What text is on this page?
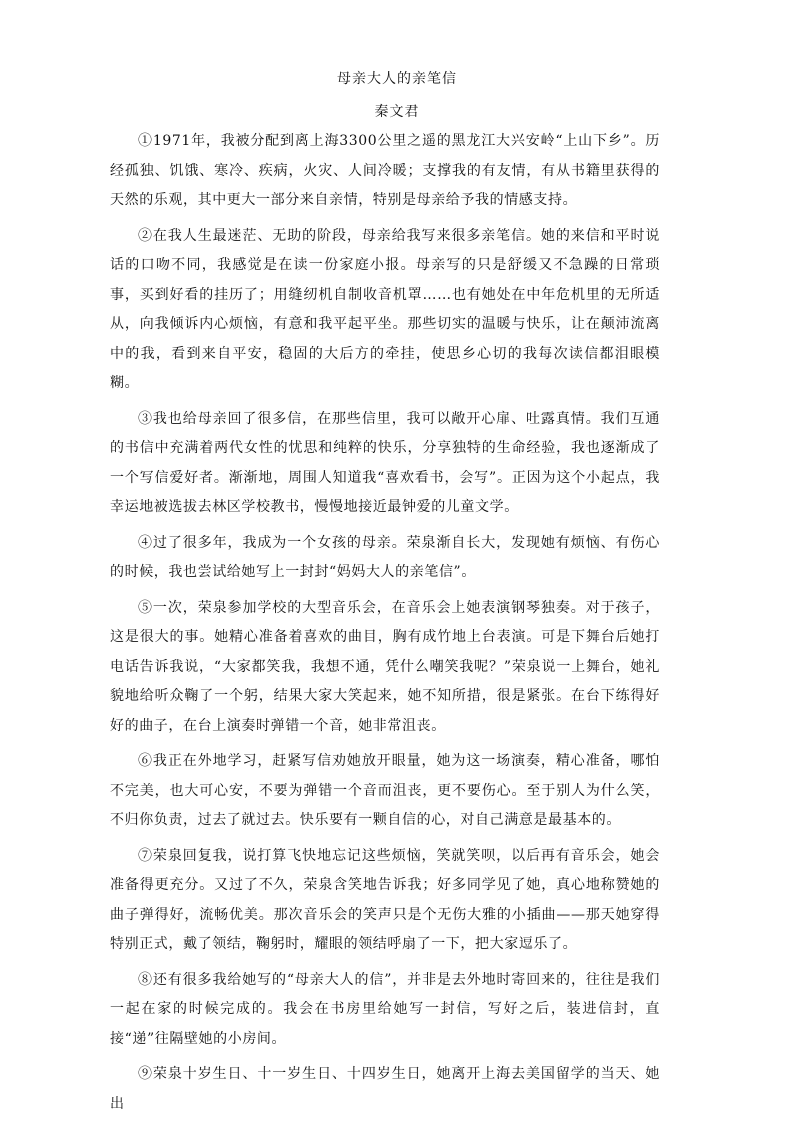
母亲大人的亲笔信
秦文君

①1971年，我被分配到离上海3300公里之遥的黑龙江大兴安岭“上山下乡”。历经孤独、饥饿、寒冷、疾病，火灾、人间冷暖；支撑我的有友情，有从书籍里获得的天然的乐观，其中更大一部分来自亲情，特别是母亲给予我的情感支持。

②在我人生最迷茫、无助的阶段，母亲给我写来很多亲笔信。她的来信和平时说话的口吻不同，我感觉是在读一份家庭小报。母亲写的只是舒缓又不急躁的日常琐事，买到好看的挂历了；用缝纫机自制收音机罩……也有她处在中年危机里的无所适从，向我倾诉内心烦恼，有意和我平起平坐。那些切实的温暖与快乐，让在颠沛流离中的我，看到来自平安，稳固的大后方的牵挂，使思乡心切的我每次读信都泪眼模糊。

③我也给母亲回了很多信，在那些信里，我可以敞开心扉、吐露真情。我们互通的书信中充满着两代女性的忧思和纯粹的快乐，分享独特的生命经验，我也逐渐成了一个写信爱好者。渐渐地，周围人知道我“喜欢看书，会写”。正因为这个小起点，我幸运地被选拔去林区学校教书，慢慢地接近最钟爱的儿童文学。

④过了很多年，我成为一个女孩的母亲。荣泉渐自长大，发现她有烦恼、有伤心的时候，我也尝试给她写上一封封“妈妈大人的亲笔信”。

⑤一次，荣泉参加学校的大型音乐会，在音乐会上她表演钢琴独奏。对于孩子，这是很大的事。她精心准备着喜欢的曲目，胸有成竹地上台表演。可是下舞台后她打电话告诉我说，“大家都笑我，我想不通，凭什么嘲笑我呢？”荣泉说一上舞台，她礼貌地给听众鞠了一个躬，结果大家大笑起来，她不知所措，很是紧张。在台下练得好好的曲子，在台上演奏时弹错一个音，她非常沮丧。

⑥我正在外地学习，赶紧写信劝她放开眼量，她为这一场演奏，精心准备，哪怕不完美，也大可心安，不要为弹错一个音而沮丧，更不要伤心。至于别人为什么笑，不归你负责，过去了就过去。快乐要有一颗自信的心，对自己满意是最基本的。

⑦荣泉回复我，说打算飞快地忘记这些烦恼，笑就笑呗，以后再有音乐会，她会准备得更充分。又过了不久，荣泉含笑地告诉我；好多同学见了她，真心地称赞她的曲子弹得好，流畅优美。那次音乐会的笑声只是个无伤大雅的小插曲——那天她穿得特别正式，戴了领结，鞠躬时，耀眼的领结呼扇了一下，把大家逗乐了。

⑧还有很多我给她写的“母亲大人的信”，并非是去外地时寄回来的，往往是我们一起在家的时候完成的。我会在书房里给她写一封信，写好之后，装进信封，直接“递”往隔壁她的小房间。

⑨荣泉十岁生日、十一岁生日、十四岁生日，她离开上海去美国留学的当天、她出
